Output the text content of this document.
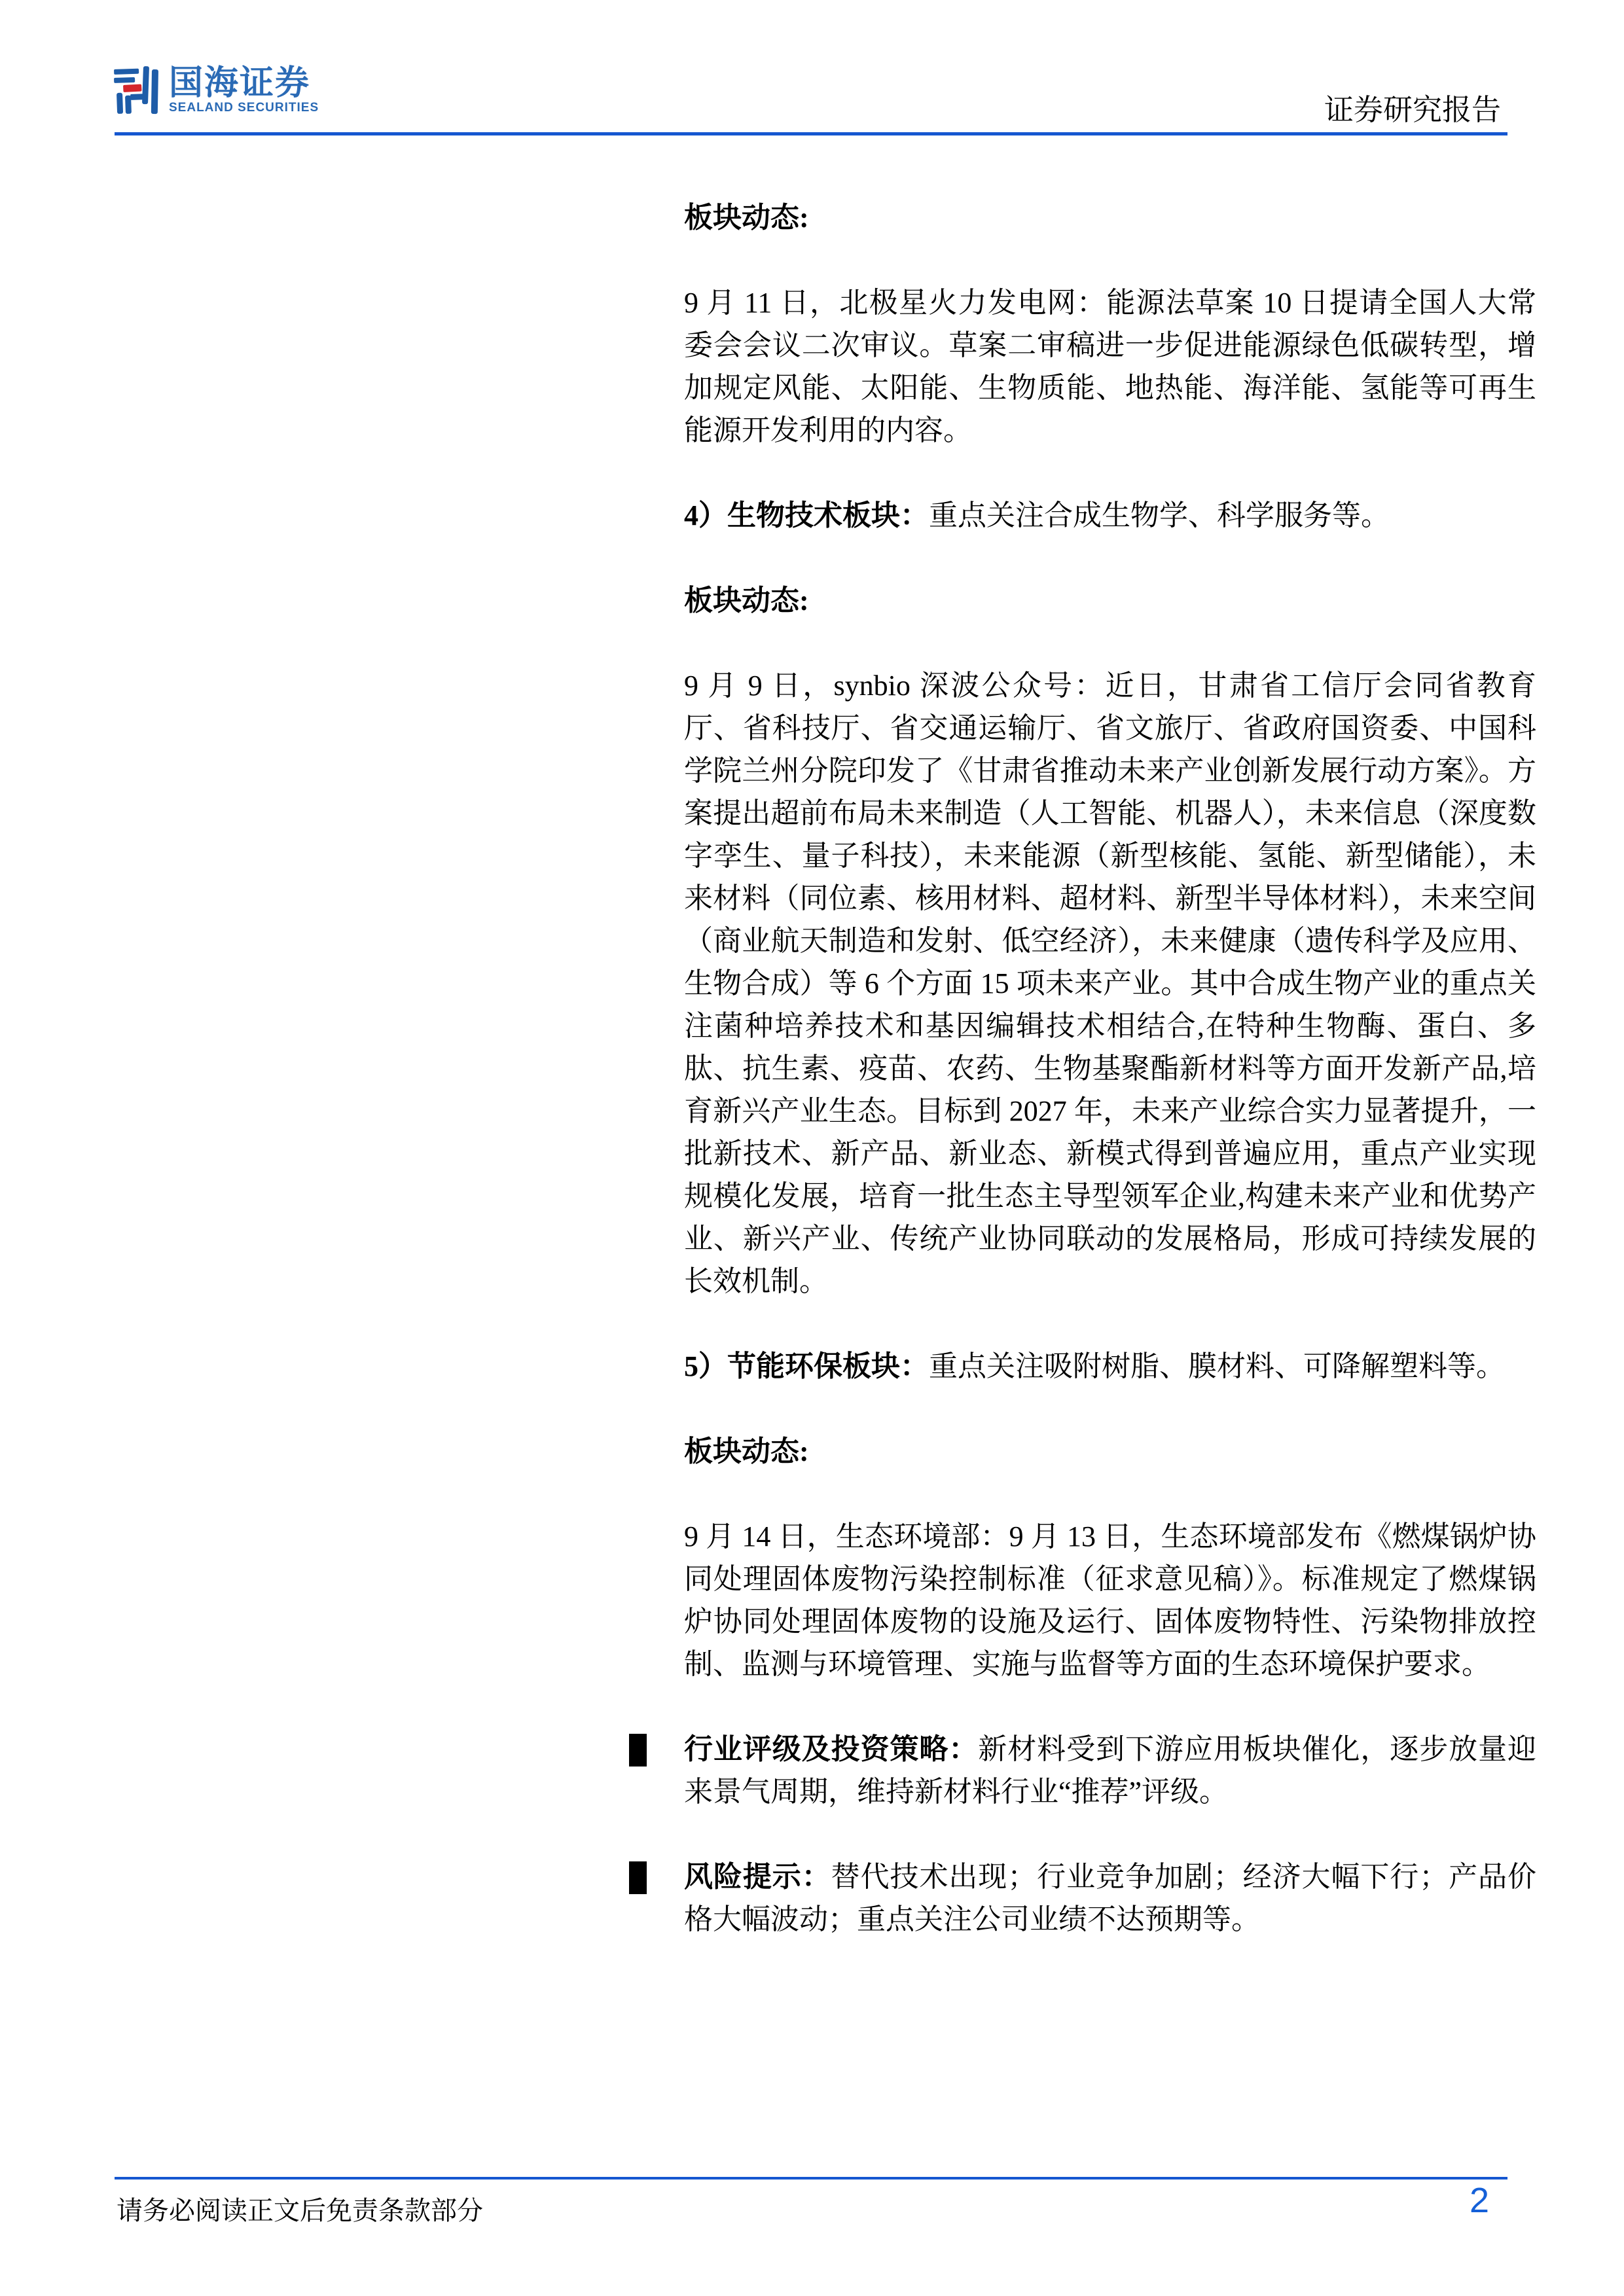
国海证券
SEALAND SECURITIES	证券研究报告

板块动态:

9 月 11 日，北极星火力发电网：能源法草案 10 日提请全国人大常委会会议二次审议。草案二审稿进一步促进能源绿色低碳转型，增加规定风能、太阳能、生物质能、地热能、海洋能、氢能等可再生能源开发利用的内容。

4）生物技术板块：重点关注合成生物学、科学服务等。

板块动态:

9 月 9 日，synbio 深波公众号：近日，甘肃省工信厅会同省教育厅、省科技厅、省交通运输厅、省文旅厅、省政府国资委、中国科学院兰州分院印发了《甘肃省推动未来产业创新发展行动方案》。方案提出超前布局未来制造（人工智能、机器人），未来信息（深度数字孪生、量子科技），未来能源（新型核能、氢能、新型储能），未来材料（同位素、核用材料、超材料、新型半导体材料），未来空间（商业航天制造和发射、低空经济），未来健康（遗传科学及应用、生物合成）等 6 个方面 15 项未来产业。其中合成生物产业的重点关注菌种培养技术和基因编辑技术相结合,在特种生物酶、蛋白、多肽、抗生素、疫苗、农药、生物基聚酯新材料等方面开发新产品,培育新兴产业生态。目标到 2027 年，未来产业综合实力显著提升，一批新技术、新产品、新业态、新模式得到普遍应用，重点产业实现规模化发展，培育一批生态主导型领军企业,构建未来产业和优势产业、新兴产业、传统产业协同联动的发展格局，形成可持续发展的长效机制。

5）节能环保板块：重点关注吸附树脂、膜材料、可降解塑料等。

板块动态:

9 月 14 日，生态环境部：9 月 13 日，生态环境部发布《燃煤锅炉协同处理固体废物污染控制标准（征求意见稿）》。标准规定了燃煤锅炉协同处理固体废物的设施及运行、固体废物特性、污染物排放控制、监测与环境管理、实施与监督等方面的生态环境保护要求。

行业评级及投资策略：新材料受到下游应用板块催化，逐步放量迎来景气周期，维持新材料行业“推荐”评级。

风险提示：替代技术出现；行业竞争加剧；经济大幅下行；产品价格大幅波动；重点关注公司业绩不达预期等。

请务必阅读正文后免责条款部分	2
